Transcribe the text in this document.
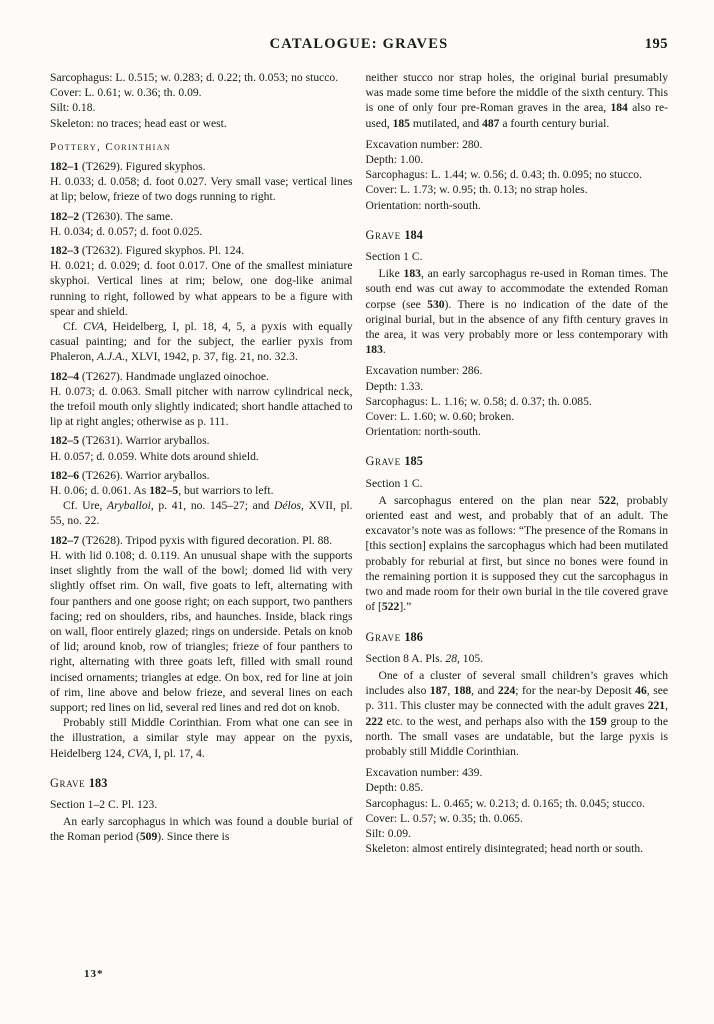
CATALOGUE: GRAVES	195
Sarcophagus: L. 0.515; w. 0.283; d. 0.22; th. 0.053; no stucco.
Cover: L. 0.61; w. 0.36; th. 0.09.
Silt: 0.18.
Skeleton: no traces; head east or west.
Pottery, Corinthian
182–1 (T2629). Figured skyphos.
H. 0.033; d. 0.058; d. foot 0.027. Very small vase; vertical lines at lip; below, frieze of two dogs running to right.
182–2 (T2630). The same.
H. 0.034; d. 0.057; d. foot 0.025.
182–3 (T2632). Figured skyphos. Pl. 124.
H. 0.021; d. 0.029; d. foot 0.017. One of the smallest miniature skyphoi. Vertical lines at rim; below, one dog-like animal running to right, followed by what appears to be a figure with spear and shield.
Cf. CVA, Heidelberg, I, pl. 18, 4, 5, a pyxis with equally casual painting; and for the subject, the earlier pyxis from Phaleron, A.J.A., XLVI, 1942, p. 37, fig. 21, no. 32.3.
182–4 (T2627). Handmade unglazed oinochoe.
H. 0.073; d. 0.063. Small pitcher with narrow cylindrical neck, the trefoil mouth only slightly indicated; short handle attached to lip at right angles; otherwise as p. 111.
182–5 (T2631). Warrior aryballos.
H. 0.057; d. 0.059. White dots around shield.
182–6 (T2626). Warrior aryballos.
H. 0.06; d. 0.061. As 182–5, but warriors to left.
Cf. Ure, Aryballoi, p. 41, no. 145–27; and Délos, XVII, pl. 55, no. 22.
182–7 (T2628). Tripod pyxis with figured decoration. Pl. 88.
H. with lid 0.108; d. 0.119. An unusual shape with the supports inset slightly from the wall of the bowl; domed lid with very slightly offset rim. On wall, five goats to left, alternating with four panthers and one goose right; on each support, two panthers facing; red on shoulders, ribs, and haunches. Inside, black rings on wall, floor entirely glazed; rings on underside. Petals on knob of lid; around knob, row of triangles; frieze of four panthers to right, alternating with three goats left, filled with small round incised ornaments; triangles at edge. On box, red for line at join of rim, line above and below frieze, and several lines on each support; red lines on lid, several red lines and red dot on knob.
Probably still Middle Corinthian. From what one can see in the illustration, a similar style may appear on the pyxis, Heidelberg 124, CVA, I, pl. 17, 4.
Grave 183
Section 1–2 C. Pl. 123.
An early sarcophagus in which was found a double burial of the Roman period (509). Since there is
neither stucco nor strap holes, the original burial presumably was made some time before the middle of the sixth century. This is one of only four pre-Roman graves in the area, 184 also re-used, 185 mutilated, and 487 a fourth century burial.
Excavation number: 280.
Depth: 1.00.
Sarcophagus: L. 1.44; w. 0.56; d. 0.43; th. 0.095; no stucco.
Cover: L. 1.73; w. 0.95; th. 0.13; no strap holes.
Orientation: north-south.
Grave 184
Section 1 C.
Like 183, an early sarcophagus re-used in Roman times. The south end was cut away to accommodate the extended Roman corpse (see 530). There is no indication of the date of the original burial, but in the absence of any fifth century graves in the area, it was very probably more or less contemporary with 183.
Excavation number: 286.
Depth: 1.33.
Sarcophagus: L. 1.16; w. 0.58; d. 0.37; th. 0.085.
Cover: L. 1.60; w. 0.60; broken.
Orientation: north-south.
Grave 185
Section 1 C.
A sarcophagus entered on the plan near 522, probably oriented east and west, and probably that of an adult. The excavator’s note was as follows: “The presence of the Romans in [this section] explains the sarcophagus which had been mutilated probably for reburial at first, but since no bones were found in the remaining portion it is supposed they cut the sarcophagus in two and made room for their own burial in the tile covered grave of [522].”
Grave 186
Section 8 A. Pls. 28, 105.
One of a cluster of several small children’s graves which includes also 187, 188, and 224; for the near-by Deposit 46, see p. 311. This cluster may be connected with the adult graves 221, 222 etc. to the west, and perhaps also with the 159 group to the north. The small vases are undatable, but the large pyxis is probably still Middle Corinthian.
Excavation number: 439.
Depth: 0.85.
Sarcophagus: L. 0.465; w. 0.213; d. 0.165; th. 0.045; stucco.
Cover: L. 0.57; w. 0.35; th. 0.065.
Silt: 0.09.
Skeleton: almost entirely disintegrated; head north or south.
13*
